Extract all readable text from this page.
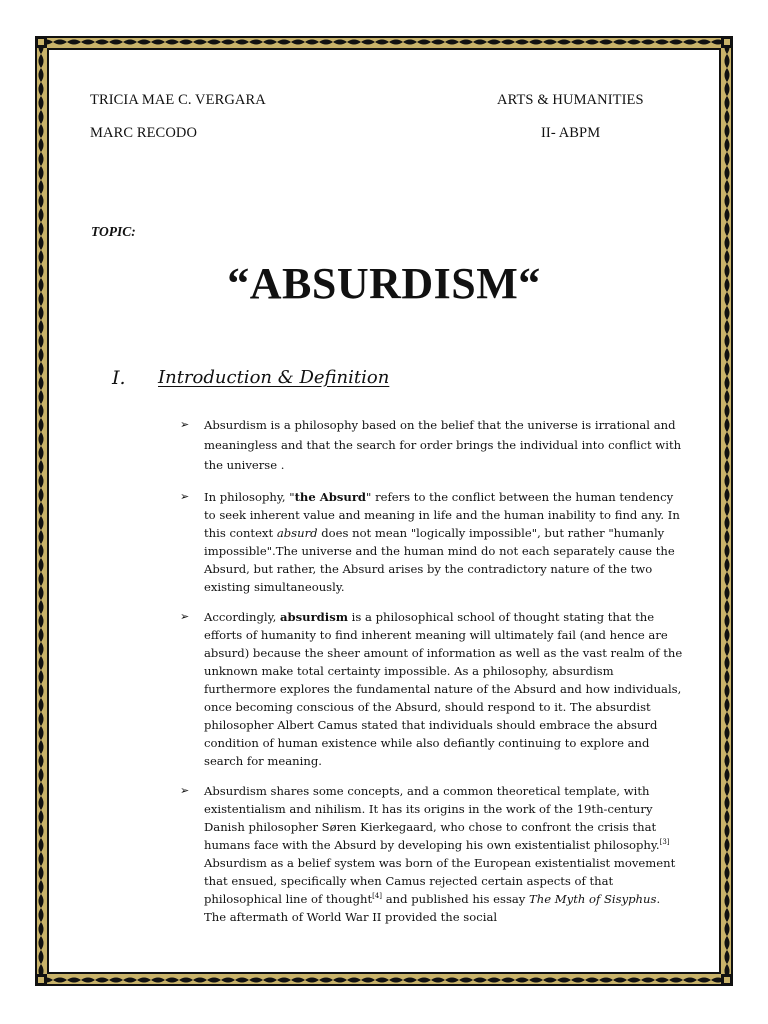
TRICIA MAE C. VERGARA
MARC RECODO
ARTS & HUMANITIES
II- ABPM
TOPIC:
“ABSURDISM“
I. Introduction & Definition
➢ Absurdism is a philosophy based on the belief that the universe is irrational and meaningless and that the search for order brings the individual into conflict with the universe .
➢ In philosophy, "the Absurd" refers to the conflict between the human tendency to seek inherent value and meaning in life and the human inability to find any. In this context absurd does not mean "logically impossible", but rather "humanly impossible".The universe and the human mind do not each separately cause the Absurd, but rather, the Absurd arises by the contradictory nature of the two existing simultaneously.
➢ Accordingly, absurdism is a philosophical school of thought stating that the efforts of humanity to find inherent meaning will ultimately fail (and hence are absurd) because the sheer amount of information as well as the vast realm of the unknown make total certainty impossible. As a philosophy, absurdism furthermore explores the fundamental nature of the Absurd and how individuals, once becoming conscious of the Absurd, should respond to it. The absurdist philosopher Albert Camus stated that individuals should embrace the absurd condition of human existence while also defiantly continuing to explore and search for meaning.
➢ Absurdism shares some concepts, and a common theoretical template, with existentialism and nihilism. It has its origins in the work of the 19th-century Danish philosopher Søren Kierkegaard, who chose to confront the crisis that humans face with the Absurd by developing his own existentialist philosophy.[3] Absurdism as a belief system was born of the European existentialist movement that ensued, specifically when Camus rejected certain aspects of that philosophical line of thought[4] and published his essay The Myth of Sisyphus. The aftermath of World War II provided the social
